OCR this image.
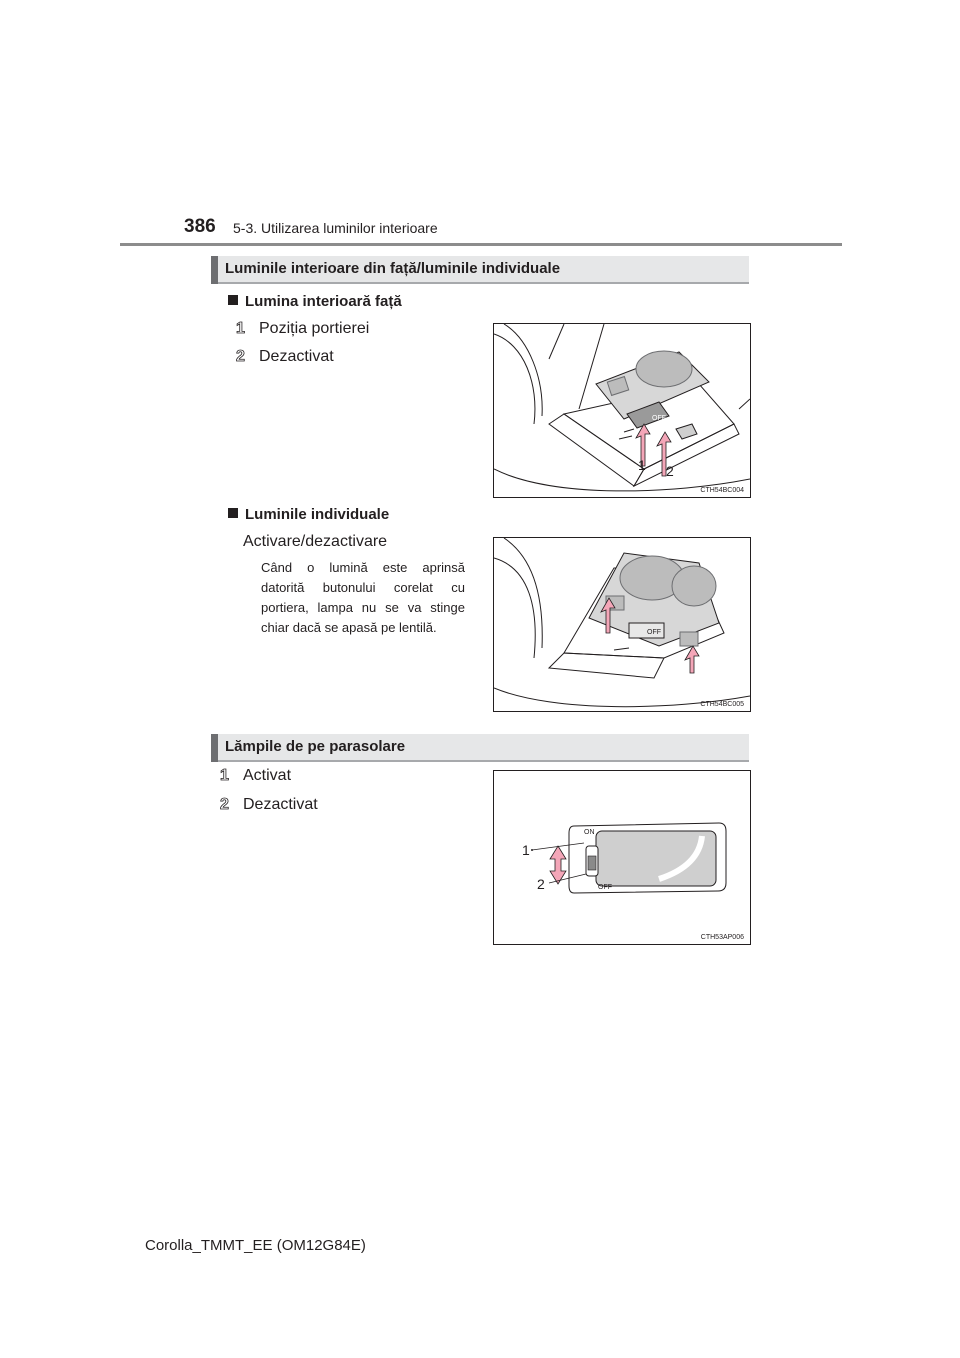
386 5-3. Utilizarea luminilor interioare
Luminile interioare din față/luminile individuale
Lumina interioară față
1 Poziția portierei
2 Dezactivat
OFF
1 2
CTH54BC004
Luminile individuale
Activare/dezactivare
Când o lumină este aprinsă datorită butonului corelat cu portiera, lampa nu se va stinge chiar dacă se apasă pe lentilă.	OFF
CTH54BC005
Lămpile de pe parasolare
1 Activat
2 Dezactivat
ON
OFF
1
2
CTH53AP006
Corolla_TMMT_EE (OM12G84E)
